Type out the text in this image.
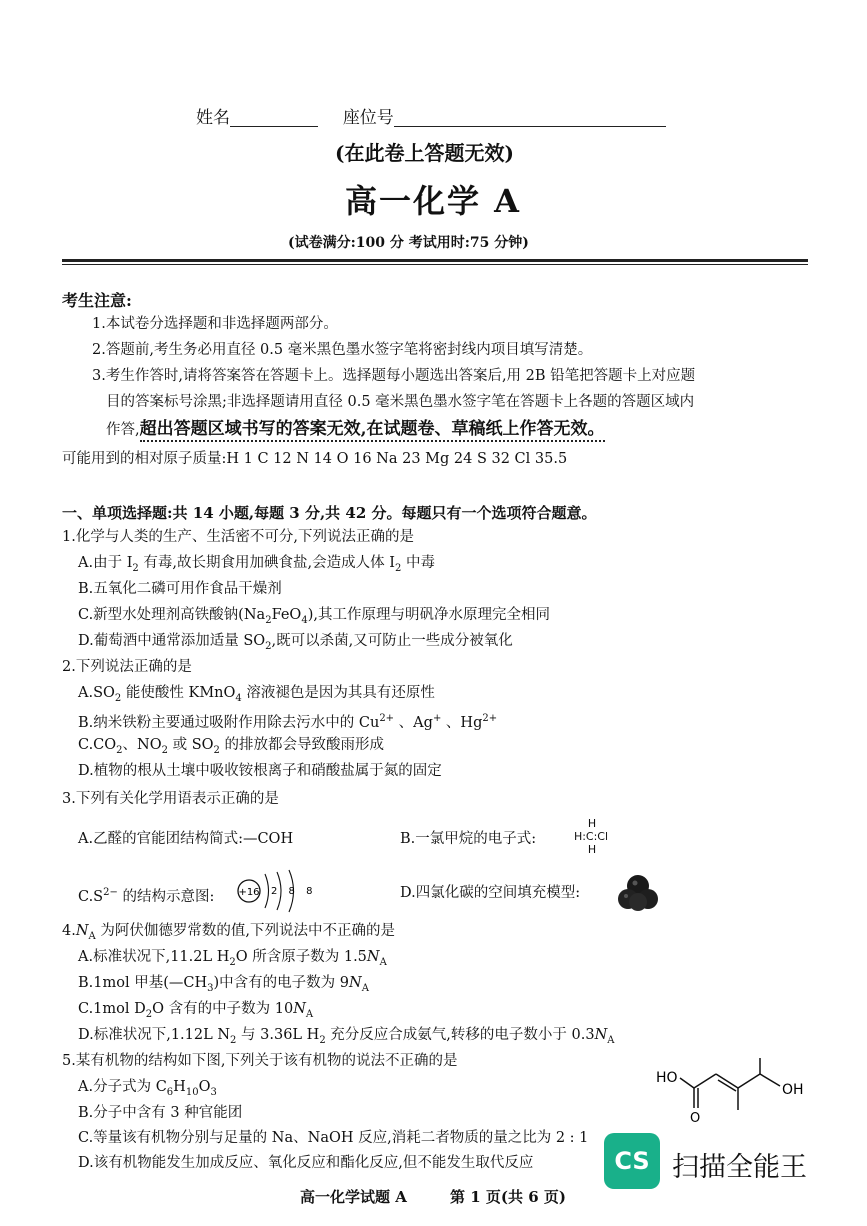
姓名	座位号
(在此卷上答题无效)
高一化学 A
(试卷满分:100 分 考试用时:75 分钟)
考生注意:
1.本试卷分选择题和非选择题两部分。
2.答题前,考生务必用直径 0.5 毫米黑色墨水签字笔将密封线内项目填写清楚。
3.考生作答时,请将答案答在答题卡上。选择题每小题选出答案后,用 2B 铅笔把答题卡上对应题
目的答案标号涂黑;非选择题请用直径 0.5 毫米黑色墨水签字笔在答题卡上各题的答题区域内
作答,超出答题区域书写的答案无效,在试题卷、草稿纸上作答无效。
可能用到的相对原子质量:H 1 C 12 N 14 O 16 Na 23 Mg 24 S 32 Cl 35.5
一、单项选择题:共 14 小题,每题 3 分,共 42 分。每题只有一个选项符合题意。
1.化学与人类的生产、生活密不可分,下列说法正确的是
A.由于 $I_2$ 有毒,故长期食用加碘食盐,会造成人体 $I_2$ 中毒
B.五氧化二磷可用作食品干燥剂
C.新型水处理剂高铁酸钠$(Na_2FeO_4)$,其工作原理与明矾净水原理完全相同
D.葡萄酒中通常添加适量 $SO_2$,既可以杀菌,又可防止一些成分被氧化
2.下列说法正确的是
$A.SO_2$ 能使酸性 KMnO$_4$ 溶液褪色是因为其具有还原性
B.纳米铁粉主要通过吸附作用除去污水中的 $Cu^{2+}$ 、Ag+ 、$Hg^{2+}$
$C.CO_2$、$NO_2$ 或 $SO_2$ 的排放都会导致酸雨形成
D.植物的根从土壤中吸收铵根离子和硝酸盐属于氮的固定
3.下列有关化学用语表示正确的是
A.乙醛的官能团结构简式:—COH	B.一氯甲烷的电子式:
H
H:C:Cl
H
$C.S^{2-}$ 的结构示意图: +16 2 8 8	D.四氯化碳的空间填充模型:
$4.N_A$ 为阿伏伽德罗常数的值,下列说法中不正确的是
A.标准状况下,11.2L $H_2O$ 所含原子数为 $1.5N_A$
B.1mol 甲基$(—CH_3)$中含有的电子数为 $9N_A$
C.1mol $D_2O$ 含有的中子数为 $10N_A$
D.标准状况下,1.12L $N_2$ 与 3.36L $H_2$ 充分反应合成氨气,转移的电子数小于 $0.3N_A$
5.某有机物的结构如下图,下列关于该有机物的说法不正确的是
A.分子式为 $C_6H_{10}O_3$
B.分子中含有 3 种官能团
C.等量该有机物分别与足量的 Na、NaOH 反应,消耗二者物质的量之比为 2 : 1
D.该有机物能发生加成反应、氧化反应和酯化反应,但不能发生取代反应
HO
O
OH
高一化学试题 A	第 1 页(共 6 页)
CS 扫描全能王
